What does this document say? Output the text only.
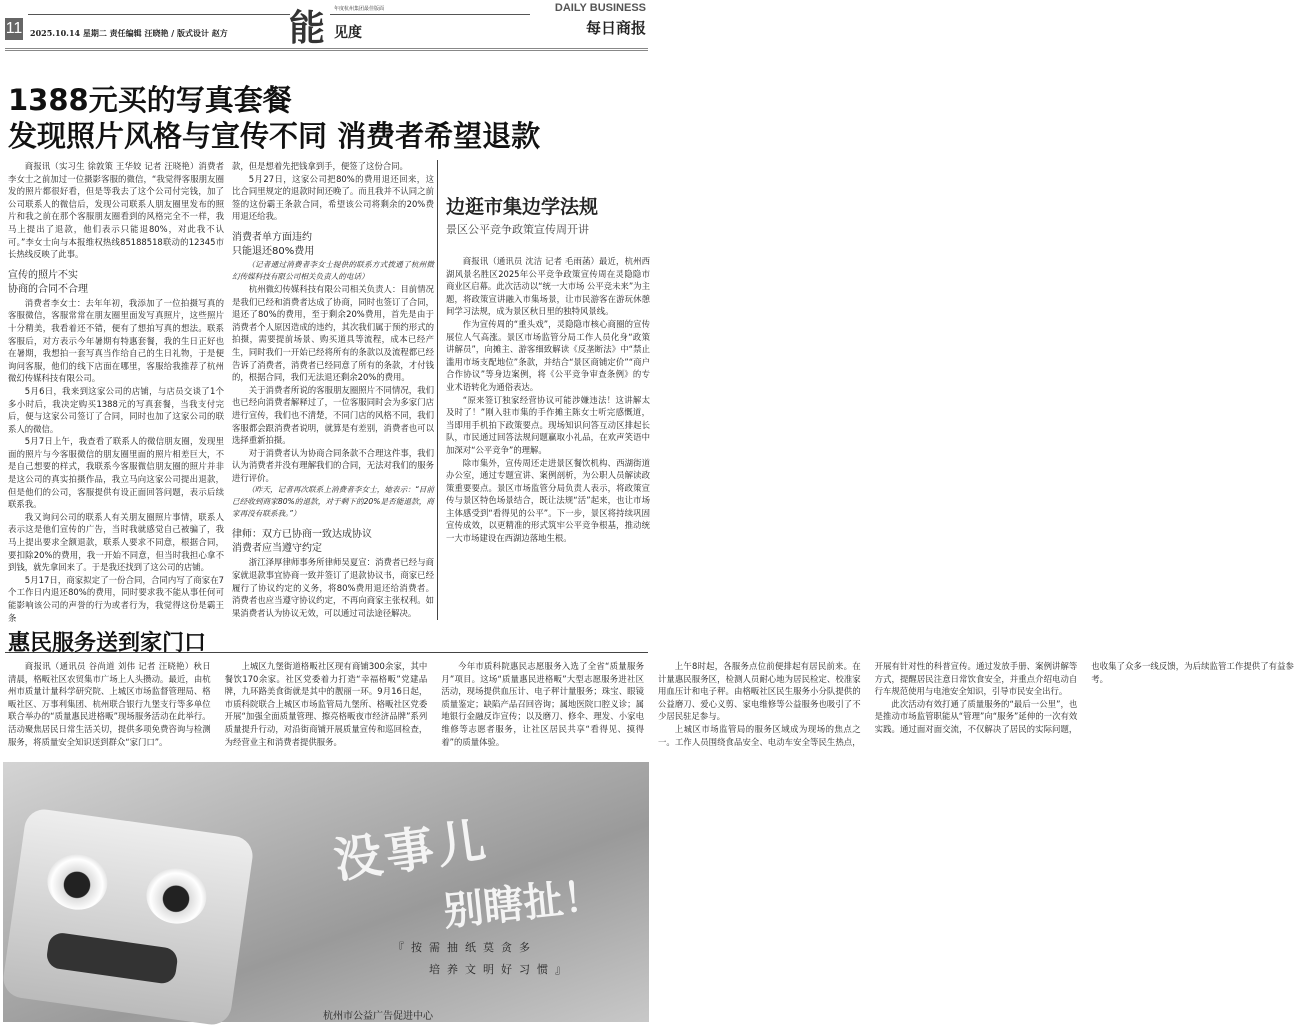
11 2025.10.14 星期二 责任编辑 汪晓艳 / 版式设计 赵方 能 年度杭州集团最佳版面
见度
DAILY BUSINESS
每日商报
1388元买的写真套餐
发现照片风格与宣传不同 消费者希望退款

商报讯（实习生 徐敦策 王华姣 记者 汪晓艳）消费者李女士之前加过一位摄影客服的微信，“我觉得客服朋友圈发的照片都很好看，但是等我去了这个公司付完钱，加了公司联系人的微信后，发现公司联系人朋友圈里发布的照片和我之前在那个客服朋友圈看到的风格完全不一样，我马上提出了退款，他们表示只能退80%，对此我不认可。”李女士向与本报维权热线85188518联动的12345市长热线反映了此事。

宣传的照片不实
协商的合同不合理

消费者李女士：去年年初，我添加了一位拍摄写真的客服微信，客服常常在朋友圈里面发写真照片，这些照片十分精美，我看着还不错，便有了想拍写真的想法。联系客服后，对方表示今年暑期有特惠套餐，我的生日正好也在暑期，我想拍一套写真当作给自己的生日礼物，于是便询问客服，他们的线下店面在哪里，客服给我推荐了杭州微幻传媒科技有限公司。

5月6日，我来到这家公司的店铺，与店员交谈了1个多小时后，我决定购买1388元的写真套餐，当我支付完后，便与这家公司签订了合同，同时也加了这家公司的联系人的微信。

5月7日上午，我查看了联系人的微信朋友圈，发现里面的照片与今客服微信的朋友圈里面的照片相差巨大，不是自己想要的样式，我联系今客服微信朋友圈的照片并非是这公司的真实拍摄作品，我立马向这家公司提出退款，但是他们的公司，客服提供有设正面回答问题，表示后续联系我。

我又询问公司的联系人有关朋友圈照片事情，联系人表示这是他们宣传的广告，当时我就感觉自己被骗了，我马上提出要求全额退款，联系人要求不同意，根据合同，要扣除20%的费用，我一开始不同意，但当时我担心拿不到钱，就先拿回来了。于是我还找到了这公司的店铺。

5月17日，商家拟定了一份合同，合同内写了商家在7个工作日内退还80%的费用，同时要求我不能从事任何可能影响该公司的声誉的行为或者行为，我觉得这份是霸王条

款，但是想着先把钱拿到手，便签了这份合同。

5月27日，这家公司把80%的费用退还回来，这比合同里规定的退款时间还晚了。而且我并不认同之前签的这份霸王条款合同，希望该公司将剩余的20%费用退还给我。

消费者单方面违约
只能退还80%费用
（记者通过消费者李女士提供的联系方式拨通了杭州微幻传媒科技有限公司相关负责人的电话）

杭州微幻传媒科技有限公司相关负责人：目前情况是我们已经和消费者达成了协商，同时也签订了合同，退还了80%的费用，至于剩余20%费用，首先是由于消费者个人原因造成的违约，其次我们属于预约形式的拍摄，需要提前场景、购买道具等流程，成本已经产生，同时我们一开始已经将所有的条款以及流程都已经告诉了消费者，消费者已经同意了所有的条款，才付钱的，根据合同，我们无法退还剩余20%的费用。

关于消费者所说的客服朋友圈照片不同情况，我们也已经向消费者解释过了，一位客服同时会为多家门店进行宣传，我们也不清楚，不同门店的风格不同，我们客服都会跟消费者说明，就算是有差别，消费者也可以选择重新拍摄。

对于消费者认为协商合同条款不合理这件事，我们认为消费者并没有理解我们的合同，无法对我们的服务进行评价。

（昨天，记者再次联系上消费者李女士，她表示：“目前已经收到商家80%的退款，对于剩下的20%是否能退款，商家再没有联系我。”）
律师：双方已协商一致达成协议
消费者应当遵守约定

浙江泽厚律师事务所律师吴夏宣：消费者已经与商家就退款事宜协商一致并签订了退款协议书，商家已经履行了协议约定的义务，将80%费用退还给消费者。消费者也应当遵守协议约定，不再向商家主张权利。如果消费者认为协议无效，可以通过司法途径解决。

边逛市集边学法规
景区公平竞争政策宣传周开讲

商报讯（通讯员 沈洁 记者 毛雨菡）最近，杭州西湖风景名胜区2025年公平竞争政策宣传周在灵隐隐市商业区启幕。此次活动以“统一大市场 公平竞未来”为主题，将政策宣讲融入市集场景，让市民游客在游玩休憩间学习法规，成为景区秋日里的独特风景线。

作为宣传周的“重头戏”，灵隐隐市核心商圈的宣传展位人气高涨。景区市场监管分局工作人员化身“政策讲解员”，向摊主、游客细致解读《反垄断法》中“禁止滥用市场支配地位”条款，并结合“景区商铺定价”“商户合作协议”等身边案例，将《公平竞争审查条例》的专业术语转化为通俗表达。

“原来签订独家经营协议可能涉嫌违法！这讲解太及时了！”刚入驻市集的手作摊主陈女士听完感慨道，当即用手机拍下政策要点。现场知识问答互动区排起长队，市民通过回答法规问题赢取小礼品，在欢声笑语中加深对“公平竞争”的理解。

除市集外，宣传周还走进景区餐饮机构、西湖街道办公室，通过专题宣讲、案例剖析，为公职人员解读政策重要要点。景区市场监管分局负责人表示，将政策宣传与景区特色场景结合，既让法规“活”起来，也让市场主体感受到“看得见的公平”。下一步，景区将持续巩固宣传成效，以更精准的形式筑牢公平竞争根基，推动统一大市场建设在西湖边落地生根。

惠民服务送到家门口

商报讯（通讯员 谷尚道 刘伟 记者 汪晓艳）秋日清晨，格畈社区农贸集市广场上人头攒动。最近，由杭州市质量计量科学研究院、上城区市场监督管理局、格畈社区、万事利集团、杭州联合银行九堡支行等多单位联合举办的“质量惠民进格畈”现场服务活动在此举行。活动聚焦居民日常生活关切，提供多项免费咨询与检测服务，将质量安全知识送到群众“家门口”。

上城区九堡街道格畈社区现有商铺300余家，其中餐饮170余家。社区党委着力打造“幸福格畈”党建品牌，九环路美食街就是其中的靓丽一环。9月16日起，市质科院联合上城区市场监管局九堡所、格畈社区党委开展“加强全面质量管理、擦亮格畈夜市经济品牌”系列质量提升行动，对沿街商铺开展质量宣传和巡回检查，为经营业主和消费者提供服务。

今年市质科院惠民志愿服务入选了全省“质量服务月”项目。这场“质量惠民进格畈”大型志愿服务进社区活动，现场提供血压计、电子秤计量服务；珠宝、眼镜质量鉴定；缺陷产品召回咨询；属地医院口腔义诊；属地银行金融反诈宣传；以及磨刀、修伞、理发、小家电维修等志愿者服务，让社区居民共享“看得见、摸得着”的质量体验。

上午8时起，各服务点位前便排起有居民前来。在计量惠民服务区，检测人员耐心地为居民检定、校准家用血压计和电子秤。由格畈社区民生服务小分队提供的公益磨刀、爱心义剪、家电维修等公益服务也吸引了不少居民驻足参与。

上城区市场监管局的服务区域成为现场的焦点之一。工作人员围绕食品安全、电动车安全等民生热点，开展有针对性的科普宣传。通过发放手册、案例讲解等方式，提醒居民注意日常饮食安全，并重点介绍电动自行车规范使用与电池安全知识，引导市民安全出行。

此次活动有效打通了质量服务的“最后一公里”，也是推动市场监管职能从“管理”向“服务”延伸的一次有效实践。通过面对面交流，不仅解决了居民的实际问题，也收集了众多一线反馈，为后续监管工作提供了有益参考。

没事儿
别瞎扯！
『按需抽纸莫贪多
培养文明好习惯』
杭州市公益广告促进中心
